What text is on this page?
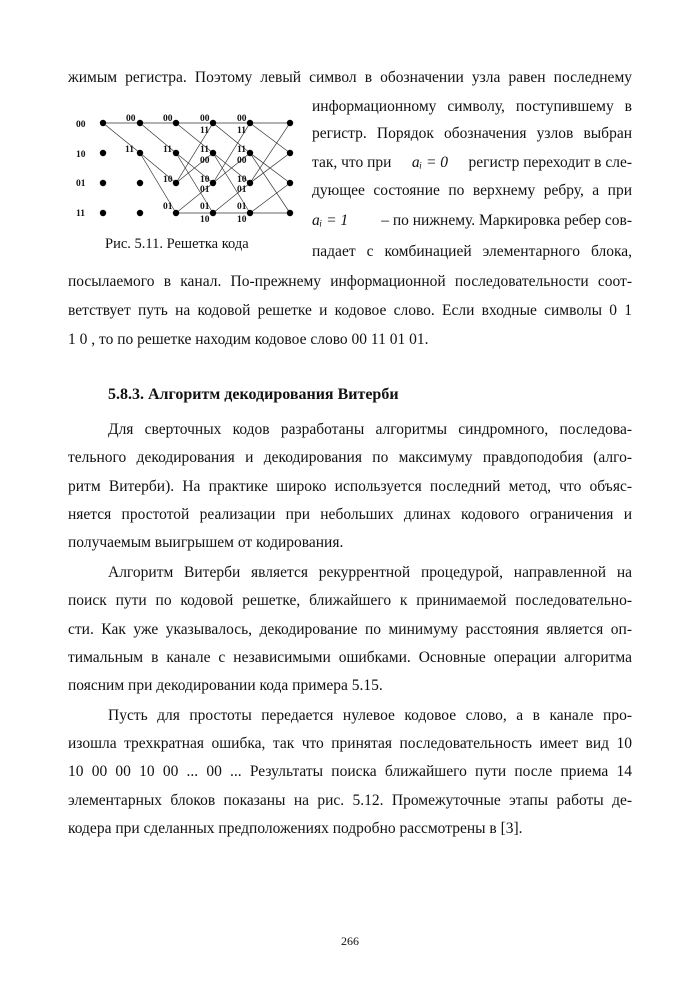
жимым регистра. Поэтому левый символ в обозначении узла равен последнему
информационному символу, поступившему в
регистр. Порядок обозначения узлов выбран
так, что при aᵢ = 0 регистр переходит в сле-
дующее состояние по верхнему ребру, а при
aᵢ = 1 – по нижнему. Маркировка ребер сов-
падает с комбинацией элементарного блока,
посылаемого в канал. По-прежнему информационной последовательности соот-
ветствует путь на кодовой решетке и кодовое слово. Если входные символы 0 1
1 0 , то по решетке находим кодовое слово 00 11 01 01.
00
10
01
11
00	00	00	00
11	11
11
11
11
11
00	00
10	10	10
01	01
01	01	01
10	10
Рис. 5.11. Решетка кода
5.8.3. Алгоритм декодирования Витерби
Для сверточных кодов разработаны алгоритмы синдромного, последова-
тельного декодирования и декодирования по максимуму правдоподобия (алго-
ритм Витерби). На практике широко используется последний метод, что объяс-
няется простотой реализации при небольших длинах кодового ограничения и
получаемым выигрышем от кодирования.
Алгоритм Витерби является рекуррентной процедурой, направленной на
поиск пути по кодовой решетке, ближайшего к принимаемой последовательно-
сти. Как уже указывалось, декодирование по минимуму расстояния является оп-
тимальным в канале с независимыми ошибками. Основные операции алгоритма
поясним при декодировании кода примера 5.15.
Пусть для простоты передается нулевое кодовое слово, а в канале про-
изошла трехкратная ошибка, так что принятая последовательность имеет вид 10
10 00 00 10 00 ... 00 ... Результаты поиска ближайшего пути после приема 14
элементарных блоков показаны на рис. 5.12. Промежуточные этапы работы де-
кодера при сделанных предположениях подробно рассмотрены в [3].
266
